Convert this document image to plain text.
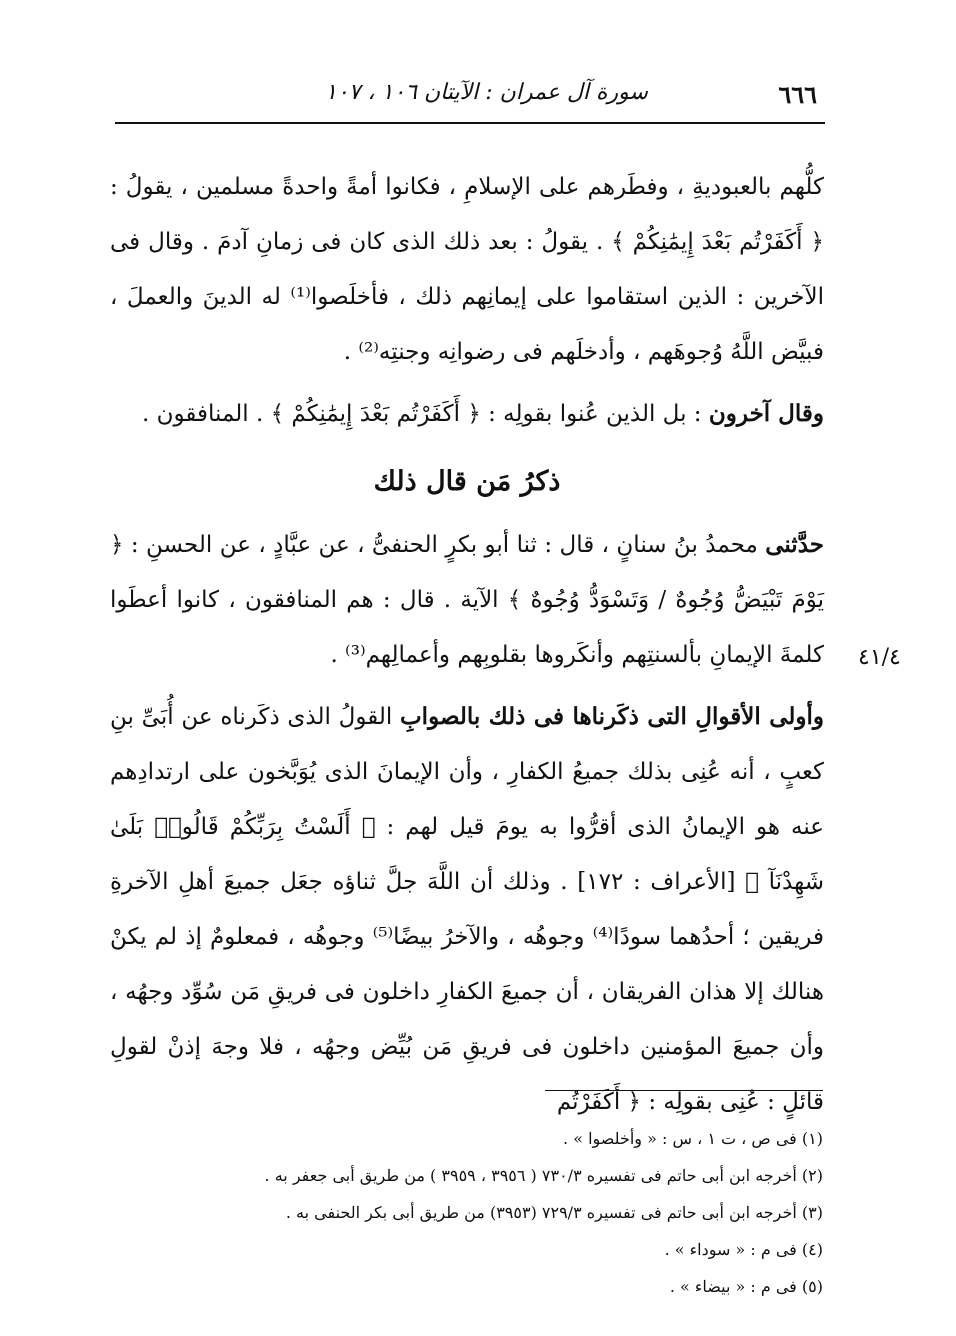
٦٦٦
سورة آل عمران : الآيتان ١٠٦ ، ١٠٧

كلُّهم بالعبوديةِ ، وفطَرهم على الإسلامِ ، فكانوا أمةً واحدةً مسلمين ، يقولُ : ﴿ أَكَفَرْتُم بَعْدَ إِيمَٰنِكُمْ ﴾ . يقولُ : بعد ذلك الذى كان فى زمانِ آدمَ . وقال فى الآخرين : الذين استقاموا على إيمانِهم ذلك ، فأخلَصوا⁽¹⁾ له الدينَ والعملَ ، فبيَّض اللَّهُ وُجوهَهم ، وأدخلَهم فى رضوانِه وجنتِه⁽²⁾ .

وقال آخرون : بل الذين عُنوا بقولِه : ﴿ أَكَفَرْتُم بَعْدَ إِيمَٰنِكُمْ ﴾ . المنافقون .

ذكرُ مَن قال ذلك

حدَّثنى محمدُ بنُ سنانٍ ، قال : ثنا أبو بكرٍ الحنفىُّ ، عن عبَّادٍ ، عن الحسنِ : ﴿ يَوْمَ تَبْيَضُّ وُجُوهٌ / وَتَسْوَدُّ وُجُوهٌ ﴾ الآية . قال : هم المنافقون ، كانوا أعطَوا كلمةَ الإيمانِ بألسنتِهم وأنكَروها بقلوبِهم وأعمالِهم⁽³⁾ .

وأولى الأقوالِ التى ذكَرناها فى ذلك بالصوابِ القولُ الذى ذكَرناه عن أُبَىِّ بنِ كعبٍ ، أنه عُنِى بذلك جميعُ الكفارِ ، وأن الإيمانَ الذى يُوَبَّخون على ارتدادِهم عنه هو الإيمانُ الذى أقرُّوا به يومَ قيل لهم : ﴿ أَلَسْتُ بِرَبِّكُمْ قَالُوا۟ بَلَىٰ شَهِدْنَآ ﴾ [الأعراف : ١٧٢] . وذلك أن اللَّهَ جلَّ ثناؤه جعَل جميعَ أهلِ الآخرةِ فريقين ؛ أحدُهما سودًا⁽⁴⁾ وجوهُه ، والآخرُ بيضًا⁽⁵⁾ وجوهُه ، فمعلومٌ إذ لم يكنْ هنالك إلا هذان الفريقان ، أن جميعَ الكفارِ داخلون فى فريقِ مَن سُوِّد وجهُه ، وأن جميعَ المؤمنين داخلون فى فريقِ مَن بُيِّض وجهُه ، فلا وجهَ إذنْ لقولِ قائلٍ : عُنِى بقولِه : ﴿ أَكَفَرْتُم

٤١/٤

(١) فى ص ، ت ١ ، س : « وأخلصوا » .

(٢) أخرجه ابن أبى حاتم فى تفسيره ٧٣٠/٣ ( ٣٩٥٦ ، ٣٩٥٩ ) من طريق أبى جعفر به .

(٣) أخرجه ابن أبى حاتم فى تفسيره ٧٢٩/٣ (٣٩٥٣) من طريق أبى بكر الحنفى به .

(٤) فى م : « سوداء » .

(٥) فى م : « بيضاء » .
